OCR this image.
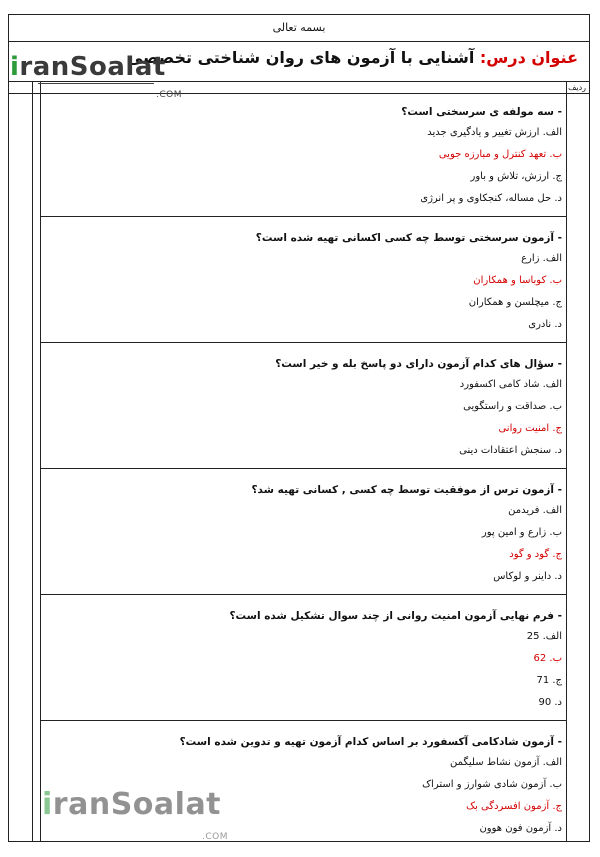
بسمه تعالی
عنوان درس: آشنایی با آزمون های روان شناختی تخصصی
ردیف
iranSoalat
.COM
- سه مولفه ی سرسختی است؟
الف. ارزش تغییر و یادگیری جدید
ب. تعهد کنترل و مبارزه جویی
ج. ارزش، تلاش و باور
د. حل مساله، کنجکاوی و پر انرژی
- آزمون سرسختی توسط چه کسی اکسانی تهیه شده است؟
الف. زارع
ب. کوباسا و همکاران
ج. میچلسن و همکاران
د. نادری
- سؤال های کدام آزمون دارای دو پاسخ بله و خیر است؟
الف. شاد کامی اکسفورد
ب. صداقت و راستگویی
ج. امنیت روانی
د. سنجش اعتقادات دینی
- آزمون ترس از موفقیت توسط چه کسی , کسانی تهیه شد؟
الف. فریدمن
ب. زارع و امین پور
ج. گود و گود
د. داینر و لوکاس
- فرم نهایی آزمون امنیت روانی از چند سوال تشکیل شده است؟
الف. 25
ب. 62
ج. 71
د. 90
- آزمون شادکامی آکسفورد بر اساس کدام آزمون تهیه و تدوین شده است؟
الف. آزمون نشاط سلیگمن
ب. آزمون شادی شوارز و استراک
ج. آزمون افسردگی بک
د. آزمون فون هوون
iranSoalat
.COM
